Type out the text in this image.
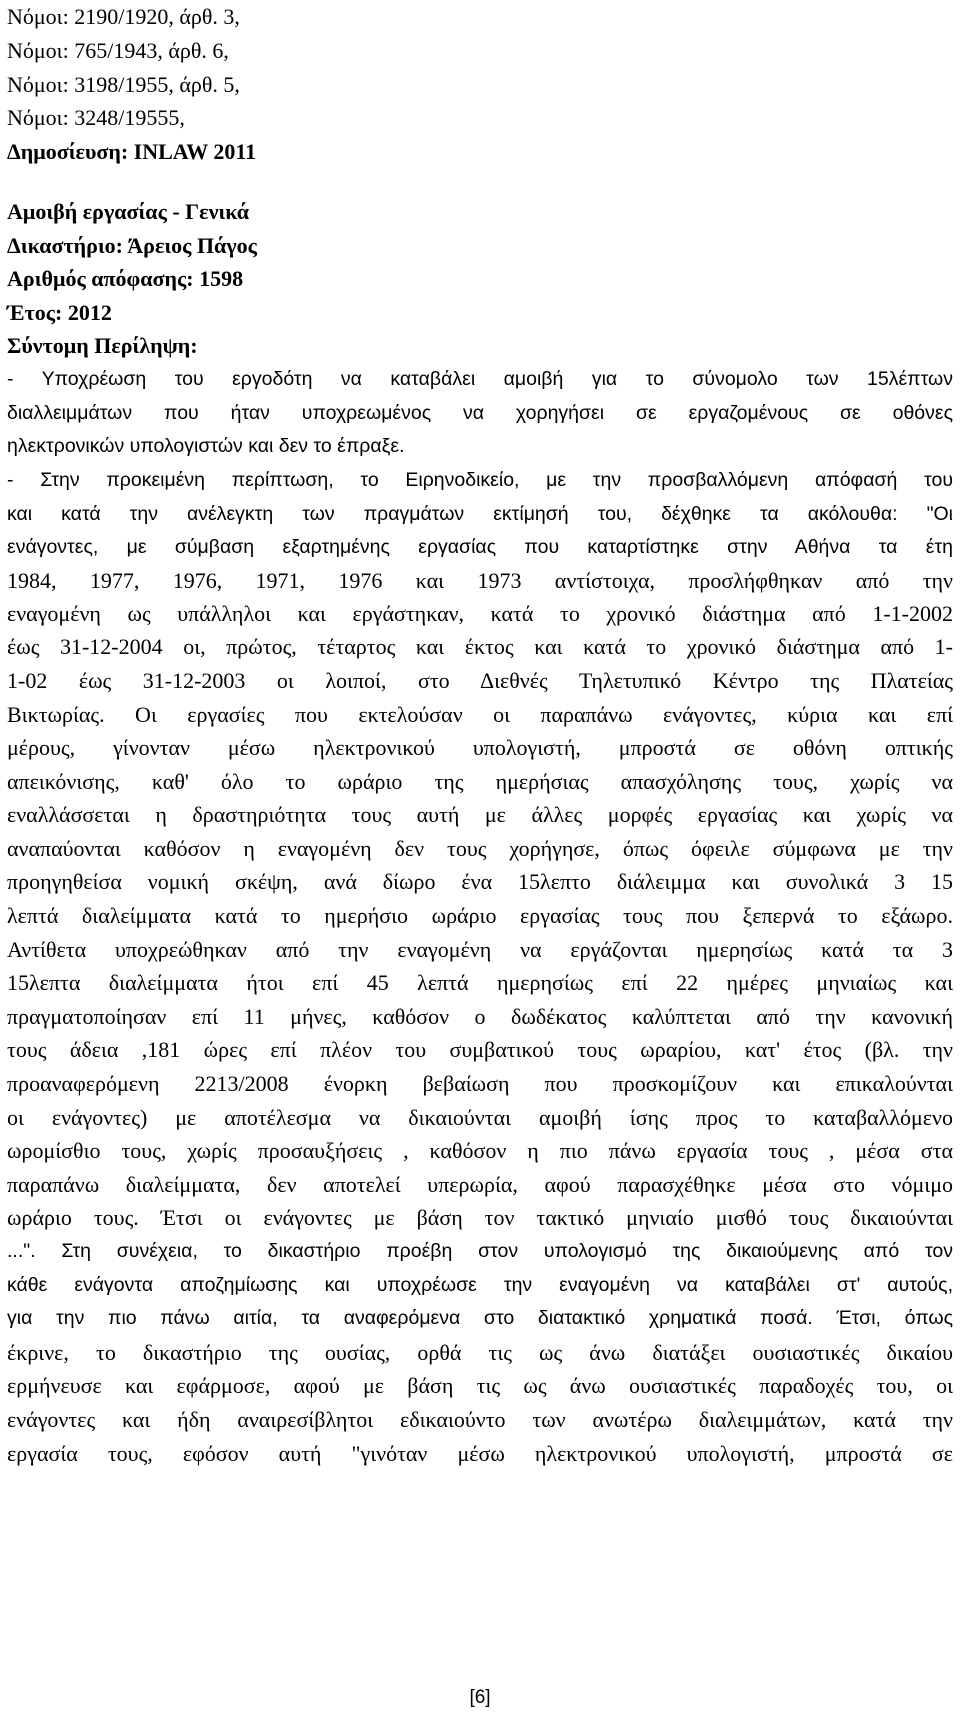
Νόμοι: 2190/1920, άρθ. 3,
Νόμοι: 765/1943, άρθ. 6,
Νόμοι: 3198/1955, άρθ. 5,
Νόμοι: 3248/19555,
Δημοσίευση: INLAW 2011
Αμοιβή εργασίας - Γενικά
Δικαστήριο: Άρειος Πάγος
Αριθμός απόφασης: 1598
Έτος: 2012
Σύντομη Περίληψη:
- Υποχρέωση του εργοδότη να καταβάλει αμοιβή για το σύνομολο των 15λέπτων
διαλλειμμάτων που ήταν υποχρεωμένος να χορηγήσει σε εργαζομένους σε οθόνες
ηλεκτρονικών υπολογιστών και δεν το έπραξε.
- Στην προκειμένη περίπτωση, το Ειρηνοδικείο, με την προσβαλλόμενη απόφασή του
και κατά την ανέλεγκτη των πραγμάτων εκτίμησή του, δέχθηκε τα ακόλουθα: "Οι
ενάγοντες, με σύμβαση εξαρτημένης εργασίας που καταρτίστηκε στην Αθήνα τα έτη
1984, 1977, 1976, 1971, 1976 και 1973 αντίστοιχα, προσλήφθηκαν από την
εναγομένη ως υπάλληλοι και εργάστηκαν, κατά το χρονικό διάστημα από 1-1-2002
έως 31-12-2004 οι, πρώτος, τέταρτος και έκτος και κατά το χρονικό διάστημα από 1-
1-02 έως 31-12-2003 οι λοιποί, στο Διεθνές Τηλετυπικό Κέντρο της Πλατείας
Βικτωρίας. Οι εργασίες που εκτελούσαν οι παραπάνω ενάγοντες, κύρια και επί
μέρους, γίνονταν μέσω ηλεκτρονικού υπολογιστή, μπροστά σε οθόνη οπτικής
απεικόνισης, καθ' όλο το ωράριο της ημερήσιας απασχόλησης τους, χωρίς να
εναλλάσσεται η δραστηριότητα τους αυτή με άλλες μορφές εργασίας και χωρίς να
αναπαύονται καθόσον η εναγομένη δεν τους χορήγησε, όπως όφειλε σύμφωνα με την
προηγηθείσα νομική σκέψη, ανά δίωρο ένα 15λεπτο διάλειμμα και συνολικά 3 15
λεπτά διαλείμματα κατά το ημερήσιο ωράριο εργασίας τους που ξεπερνά το εξάωρο.
Αντίθετα υποχρεώθηκαν από την εναγομένη να εργάζονται ημερησίως κατά τα 3
15λεπτα διαλείμματα ήτοι επί 45 λεπτά ημερησίως επί 22 ημέρες μηνιαίως και
πραγματοποίησαν επί 11 μήνες, καθόσον ο δωδέκατος καλύπτεται από την κανονική
τους άδεια ,181 ώρες επί πλέον του συμβατικού τους ωραρίου, κατ' έτος (βλ. την
προαναφερόμενη 2213/2008 ένορκη βεβαίωση που προσκομίζουν και επικαλούνται
οι ενάγοντες) με αποτέλεσμα να δικαιούνται αμοιβή ίσης προς το καταβαλλόμενο
ωρομίσθιο τους, χωρίς προσαυξήσεις , καθόσον η πιο πάνω εργασία τους , μέσα στα
παραπάνω διαλείμματα, δεν αποτελεί υπερωρία, αφού παρασχέθηκε μέσα στο νόμιμο
ωράριο τους. Έτσι οι ενάγοντες με βάση τον τακτικό μηνιαίο μισθό τους δικαιούνται
...". Στη συνέχεια, το δικαστήριο προέβη στον υπολογισμό της δικαιούμενης από τον
κάθε ενάγοντα αποζημίωσης και υποχρέωσε την εναγομένη να καταβάλει στ' αυτούς,
για την πιο πάνω αιτία, τα αναφερόμενα στο διατακτικό χρηματικά ποσά. Έτσι, όπως
έκρινε, το δικαστήριο της ουσίας, ορθά τις ως άνω διατάξει ουσιαστικές δικαίου
ερμήνευσε και εφάρμοσε, αφού με βάση τις ως άνω ουσιαστικές παραδοχές του, οι
ενάγοντες και ήδη αναιρεσίβλητοι εδικαιούντο των ανωτέρω διαλειμμάτων, κατά την
εργασία τους, εφόσον αυτή "γινόταν μέσω ηλεκτρονικού υπολογιστή, μπροστά σε
[6]
